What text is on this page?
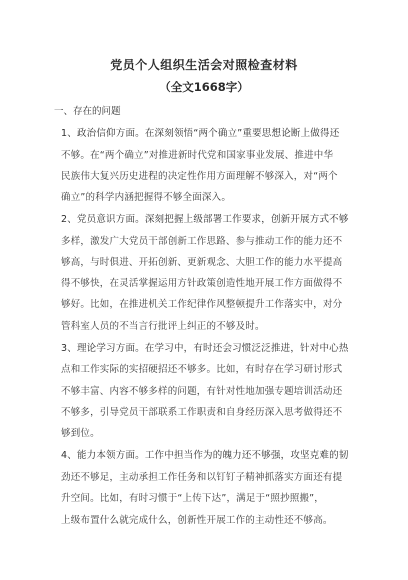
党员个人组织生活会对照检查材料
（全文1668字）
一、存在的问题
1、政治信仰方面。在深刻领悟“两个确立”重要思想论断上做得还
不够。在“两个确立”对推进新时代党和国家事业发展、推进中华
民族伟大复兴历史进程的决定性作用方面理解不够深入，对“两个
确立”的科学内涵把握得不够全面深入。
2、党员意识方面。深刻把握上级部署工作要求，创新开展方式不够
多样，激发广大党员干部创新工作思路、参与推动工作的能力还不
够高，与时俱进、开拓创新、更新观念、大胆工作的能力水平提高
得不够快，在灵活掌握运用方针政策创造性地开展工作方面做得不
够好。比如，在推进机关工作纪律作风整顿提升工作落实中，对分
管科室人员的不当言行批评上纠正的不够及时。
3、理论学习方面。在学习中，有时还会习惯泛泛推进，针对中心热
点和工作实际的实招硬招还不够多。比如，有时存在学习研讨形式
不够丰富、内容不够多样的问题，有针对性地加强专题培训活动还
不够多，引导党员干部联系工作职责和自身经历深入思考做得还不
够到位。
4、能力本领方面。工作中担当作为的魄力还不够强，攻坚克难的韧
劲还不够足，主动承担工作任务和以钉钉子精神抓落实方面还有提
升空间。比如，有时习惯于“上传下达”，满足于“照抄照搬”，
上级布置什么就完成什么，创新性开展工作的主动性还不够高。
